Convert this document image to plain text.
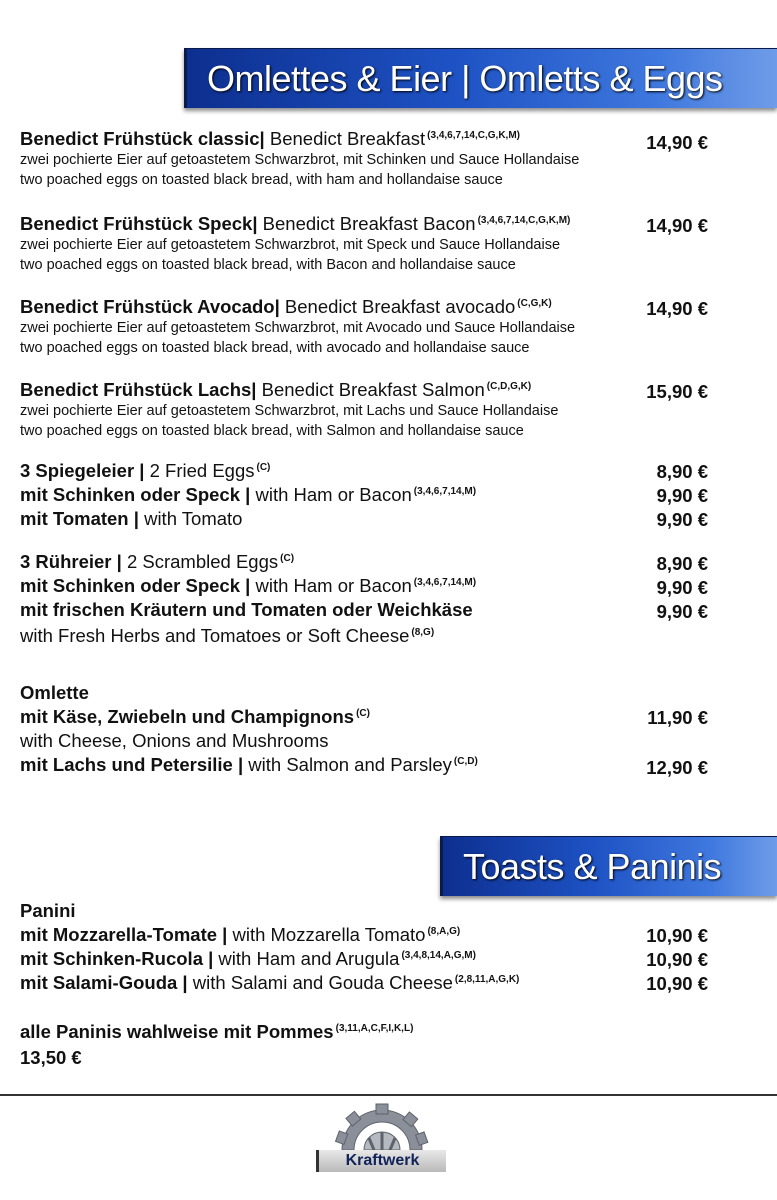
Omlettes & Eier | Omletts & Eggs
Benedict Frühstück classic| Benedict Breakfast $^{(3,4,6,7,14,C,G,K,M)}$
zwei pochierte Eier auf getoastetem Schwarzbrot, mit Schinken und Sauce Hollandaise
two poached eggs on toasted black bread, with ham and hollandaise sauce
14,90 €
Benedict Frühstück Speck| Benedict Breakfast Bacon $^{(3,4,6,7,14,C,G,K,M)}$
zwei pochierte Eier auf getoastetem Schwarzbrot, mit Speck und Sauce Hollandaise
two poached eggs on toasted black bread, with Bacon and hollandaise sauce
14,90 €
Benedict Frühstück Avocado| Benedict Breakfast avocado $^{(C,G,K)}$
zwei pochierte Eier auf getoastetem Schwarzbrot, mit Avocado und Sauce Hollandaise
two poached eggs on toasted black bread, with avocado and hollandaise sauce
14,90 €
Benedict Frühstück Lachs| Benedict Breakfast Salmon $^{(C,D,G,K)}$
zwei pochierte Eier auf getoastetem Schwarzbrot, mit Lachs und Sauce Hollandaise
two poached eggs on toasted black bread, with Salmon and hollandaise sauce
15,90 €
3 Spiegeleier | 2 Fried Eggs $^{(C)}$
mit Schinken oder Speck | with Ham or Bacon $^{(3,4,6,7,14,M)}$
mit Tomaten | with Tomato
8,90 €
9,90 €
9,90 €
3 Rühreier | 2 Scrambled Eggs $^{(C)}$
mit Schinken oder Speck | with Ham or Bacon $^{(3,4,6,7,14,M)}$
mit frischen Kräutern und Tomaten oder Weichkäse
with Fresh Herbs and Tomatoes or Soft Cheese $^{(8,G)}$
8,90 €
9,90 €
9,90 €
Omlette
mit Käse, Zwiebeln und Champignons $^{(C)}$
with Cheese, Onions and Mushrooms
mit Lachs und Petersilie | with Salmon and Parsley $^{(C,D)}$
11,90 €
12,90 €
Toasts & Paninis
Panini
mit Mozzarella-Tomate | with Mozzarella Tomato $^{(8,A,G)}$
mit Schinken-Rucola | with Ham and Arugula $^{(3,4,8,14,A,G,M)}$
mit Salami-Gouda | with Salami and Gouda Cheese $^{(2,8,11,A,G,K)}$
10,90 €
10,90 €
10,90 €
alle Paninis wahlweise mit Pommes $^{(3,11,A,C,F,I,K,L)}$
13,50 €
Kraftwerk
